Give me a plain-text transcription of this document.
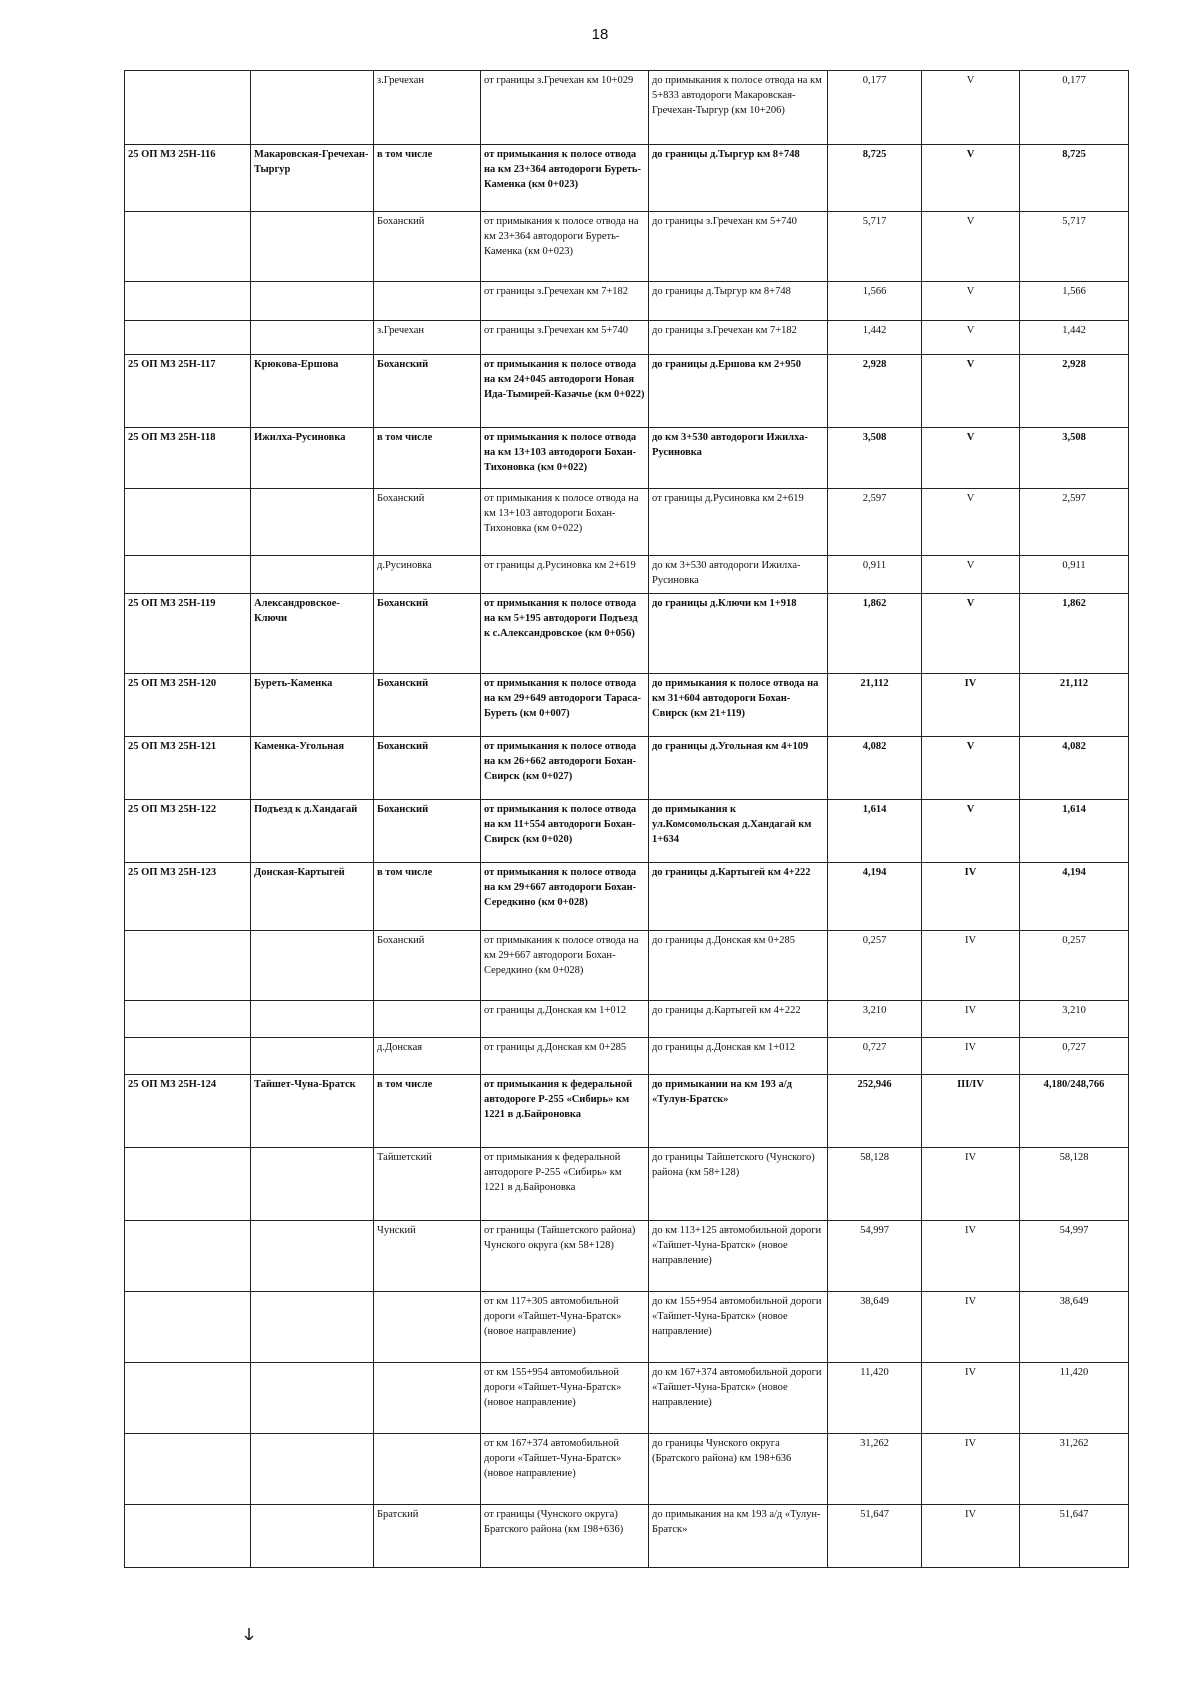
18
		з.Гречехан	от границы з.Гречехан км 10+029	до примыкания к полосе отвода на км 5+833 автодороги Макаровская-Гречехан-Тыргур (км 10+206)	0,177	V	0,177
25 ОП МЗ 25Н-116	Макаровская-Гречехан-Тыргур	в том числе	от примыкания к полосе отвода на км 23+364 автодороги Буреть-Каменка (км 0+023)	до границы д.Тыргур км 8+748	8,725	V	8,725
		Боханский	от примыкания к полосе отвода на км 23+364 автодороги Буреть-Каменка (км 0+023)	до границы з.Гречехан км 5+740	5,717	V	5,717
			от границы з.Гречехан км 7+182	до границы д.Тыргур км 8+748	1,566	V	1,566
		з.Гречехан	от границы з.Гречехан км 5+740	до границы з.Гречехан км 7+182	1,442	V	1,442
25 ОП МЗ 25Н-117	Крюкова-Ершова	Боханский	от примыкания к полосе отвода на км 24+045 автодороги Новая Ида-Тымирей-Казачье (км 0+022)	до границы д.Ершова км 2+950	2,928	V	2,928
25 ОП МЗ 25Н-118	Ижилха-Русиновка	в том числе	от примыкания к полосе отвода на км 13+103 автодороги Бохан-Тихоновка (км 0+022)	до км 3+530 автодороги Ижилха-Русиновка	3,508	V	3,508
		Боханский	от примыкания к полосе отвода на км 13+103 автодороги Бохан-Тихоновка (км 0+022)	от границы д.Русиновка км 2+619	2,597	V	2,597
		д.Русиновка	от границы д.Русиновка км 2+619	до км 3+530 автодороги Ижилха-Русиновка	0,911	V	0,911
25 ОП МЗ 25Н-119	Александровское-Ключи	Боханский	от примыкания к полосе отвода на км 5+195 автодороги Подъезд к с.Александровское (км 0+056)	до границы д.Ключи км 1+918	1,862	V	1,862
25 ОП МЗ 25Н-120	Буреть-Каменка	Боханский	от примыкания к полосе отвода на км 29+649 автодороги Тараса-Буреть (км 0+007)	до примыкания к полосе отвода на км 31+604 автодороги Бохан-Свирск (км 21+119)	21,112	IV	21,112
25 ОП МЗ 25Н-121	Каменка-Угольная	Боханский	от примыкания к полосе отвода на км 26+662 автодороги Бохан-Свирск (км 0+027)	до границы д.Угольная км 4+109	4,082	V	4,082
25 ОП МЗ 25Н-122	Подъезд к д.Хандагай	Боханский	от примыкания к полосе отвода на км 11+554 автодороги Бохан-Свирск (км 0+020)	до примыкания к ул.Комсомольская д.Хандагай км 1+634	1,614	V	1,614
25 ОП МЗ 25Н-123	Донская-Картыгей	в том числе	от примыкания к полосе отвода на км 29+667 автодороги Бохан-Середкино (км 0+028)	до границы д.Картыгей км 4+222	4,194	IV	4,194
		Боханский	от примыкания к полосе отвода на км 29+667 автодороги Бохан-Середкино (км 0+028)	до границы д.Донская км 0+285	0,257	IV	0,257
			от границы д.Донская км 1+012	до границы д.Картыгей км 4+222	3,210	IV	3,210
		д.Донская	от границы д.Донская км 0+285	до границы д.Донская км 1+012	0,727	IV	0,727
25 ОП МЗ 25Н-124	Тайшет-Чуна-Братск	в том числе	от примыкания к федеральной автодороге Р-255 «Сибирь» км 1221 в д.Байроновка	до примыкании на км 193 а/д «Тулун-Братск»	252,946	III/IV	4,180/248,766
		Тайшетский	от примыкания к федеральной автодороге Р-255 «Сибирь» км 1221 в д.Байроновка	до границы Тайшетского (Чунского) района (км 58+128)	58,128	IV	58,128
		Чунский	от границы (Тайшетского района) Чунского округа (км 58+128)	до км 113+125 автомобильной дороги «Тайшет-Чуна-Братск» (новое направление)	54,997	IV	54,997
			от км 117+305 автомобильной дороги «Тайшет-Чуна-Братск» (новое направление)	до км 155+954 автомобильной дороги «Тайшет-Чуна-Братск» (новое направление)	38,649	IV	38,649
			от км 155+954 автомобильной дороги «Тайшет-Чуна-Братск» (новое направление)	до км 167+374 автомобильной дороги «Тайшет-Чуна-Братск» (новое направление)	11,420	IV	11,420
			от км 167+374 автомобильной дороги «Тайшет-Чуна-Братск» (новое направление)	до границы Чунского округа (Братского района) км 198+636	31,262	IV	31,262
		Братский	от границы (Чунского округа) Братского района (км 198+636)	до примыкания на км 193 а/д «Тулун-Братск»	51,647	IV	51,647
